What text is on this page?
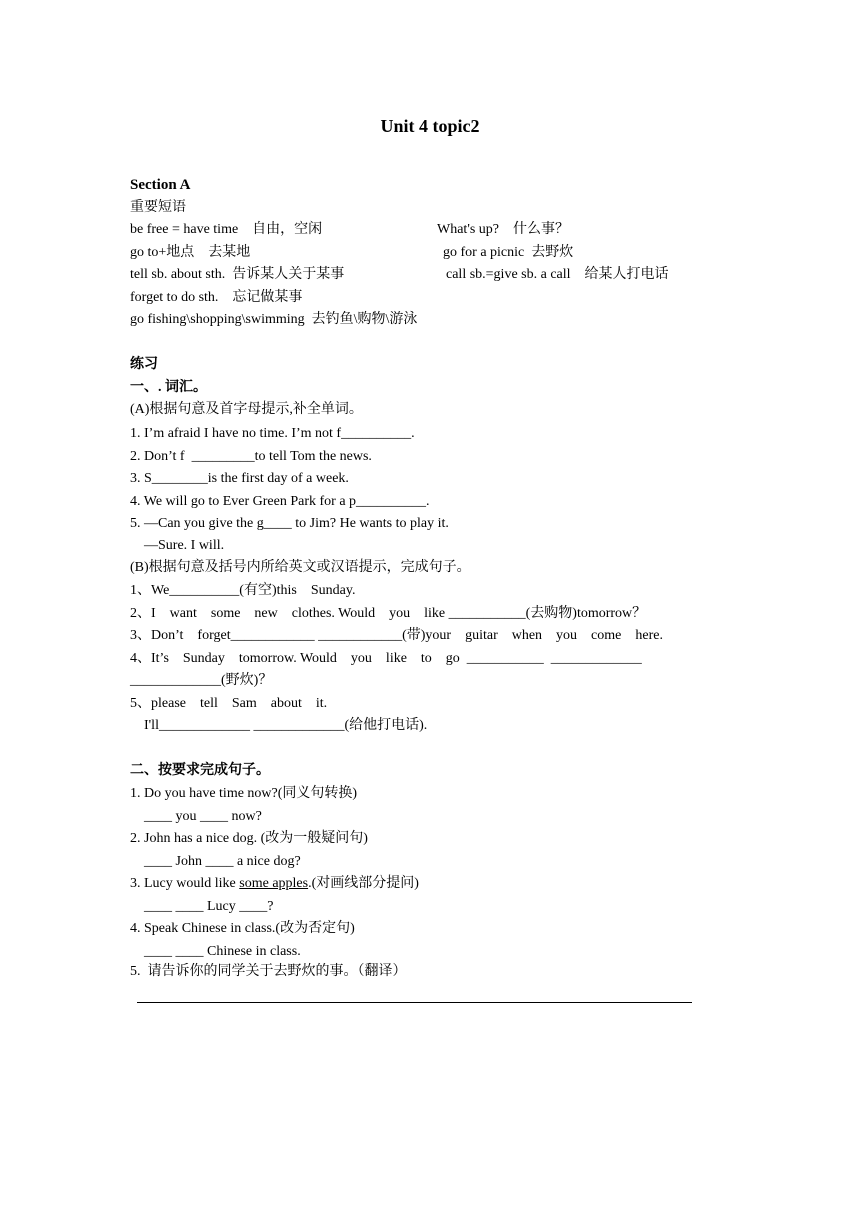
Unit 4 topic2
Section A
重要短语
be free = have time    自由，空闲	What's up?    什么事？
go to+地点    去某地	go for a picnic  去野炊
tell sb. about sth.  告诉某人关于某事	call sb.=give sb. a call    给某人打电话
forget to do sth.    忘记做某事
go fishing\shopping\swimming  去钓鱼\购物\游泳
练习
一、. 词汇。
(A)根据句意及首字母提示,补全单词。
1. I’m afraid I have no time. I’m not f__________.
2. Don’t f  _________to tell Tom the news.
3. S________is the first day of a week.
4. We will go to Ever Green Park for a p__________.
5. —Can you give the g____ to Jim? He wants to play it.
—Sure. I will.
(B)根据句意及括号内所给英文或汉语提示，完成句子。
1、We__________(有空)this    Sunday.
2、I    want    some    new    clothes. Would    you    like ___________(去购物)tomorrow？
3、Don’t    forget____________ ____________(带)your    guitar    when    you    come    here.
4、It’s    Sunday    tomorrow. Would    you    like    to    go  ___________  _____________
_____________(野炊)？
5、please    tell    Sam    about    it.
I'll_____________ _____________(给他打电话).
二、按要求完成句子。
1. Do you have time now?(同义句转换)
____ you ____ now?
2. John has a nice dog. (改为一般疑问句)
____ John ____ a nice dog?
3. Lucy would like some apples.(对画线部分提问)
____ ____ Lucy ____?
4. Speak Chinese in class.(改为否定句)
____ ____ Chinese in class.
5.  请告诉你的同学关于去野炊的事。（翻译）
